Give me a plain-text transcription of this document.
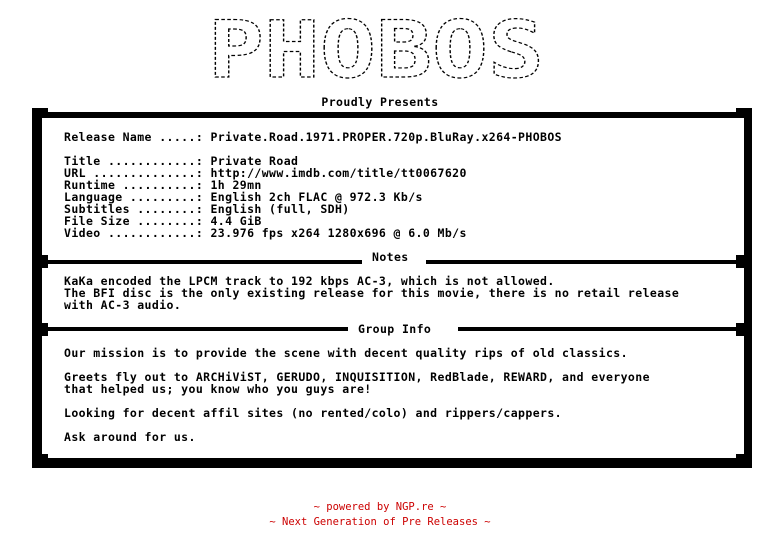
PHOBOS
Proudly Presents
Notes
Group Info
Release Name .....: Private.Road.1971.PROPER.720p.BluRay.x264-PHOBOS
Title ............: Private Road
URL ..............: http://www.imdb.com/title/tt0067620
Runtime ..........: 1h 29mn
Language .........: English 2ch FLAC @ 972.3 Kb/s
Subtitles ........: English (full, SDH)
File Size ........: 4.4 GiB
Video ............: 23.976 fps x264 1280x696 @ 6.0 Mb/s
KaKa encoded the LPCM track to 192 kbps AC-3, which is not allowed.
The BFI disc is the only existing release for this movie, there is no retail release
with AC-3 audio.
Our mission is to provide the scene with decent quality rips of old classics.
Greets fly out to ARCHiViST, GERUDO, INQUISITION, RedBlade, REWARD, and everyone
that helped us; you know who you guys are!
Looking for decent affil sites (no rented/colo) and rippers/cappers.
Ask around for us.
~ powered by NGP.re ~
~ Next Generation of Pre Releases ~
